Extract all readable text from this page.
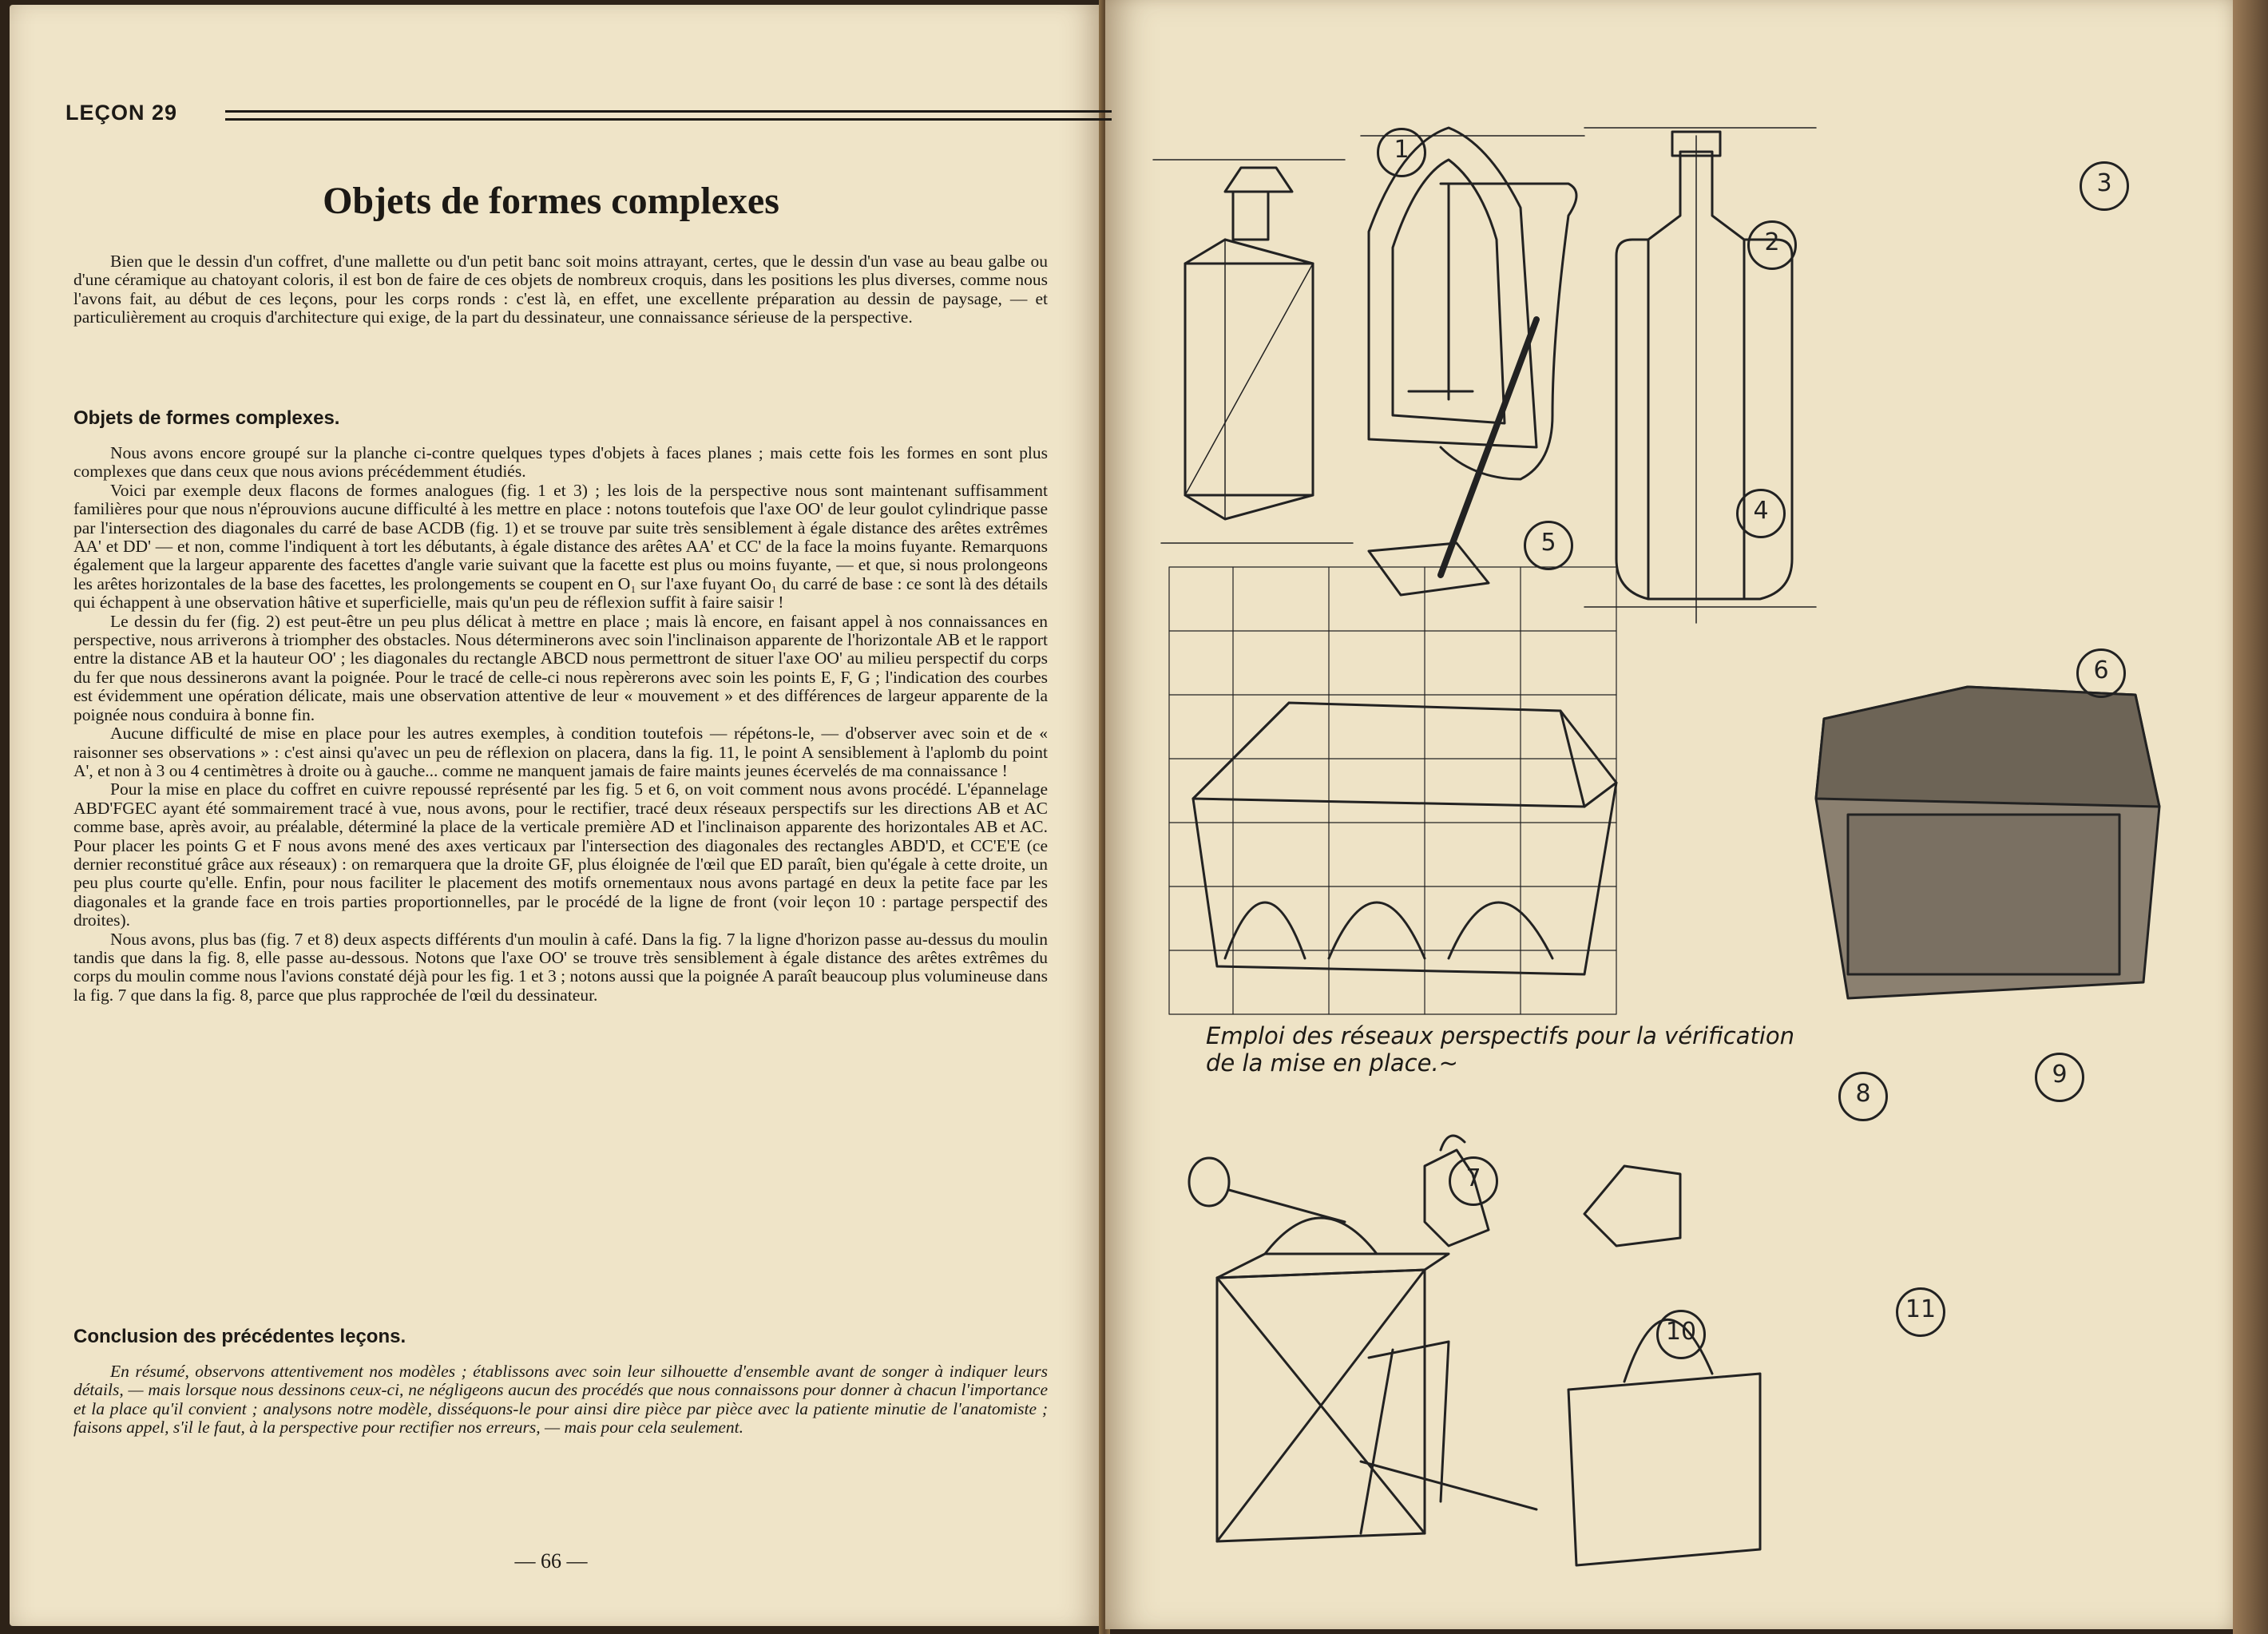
LEÇON 29
Objets de formes complexes

Bien que le dessin d'un coffret, d'une mallette ou d'un petit banc soit moins attrayant, certes, que le dessin d'un vase au beau galbe ou d'une céramique au chatoyant coloris, il est bon de faire de ces objets de nombreux croquis, dans les positions les plus diverses, comme nous l'avons fait, au début de ces leçons, pour les corps ronds : c'est là, en effet, une excellente préparation au dessin de paysage, — et particulièrement au croquis d'architecture qui exige, de la part du dessinateur, une connaissance sérieuse de la perspective.

Objets de formes complexes.

Nous avons encore groupé sur la planche ci-contre quelques types d'objets à faces planes ; mais cette fois les formes en sont plus complexes que dans ceux que nous avions précédemment étudiés.

Voici par exemple deux flacons de formes analogues (fig. 1 et 3) ; les lois de la perspective nous sont maintenant suffisamment familières pour que nous n'éprouvions aucune difficulté à les mettre en place : notons toutefois que l'axe OO' de leur goulot cylindrique passe par l'intersection des diagonales du carré de base ACDB (fig. 1) et se trouve par suite très sensiblement à égale distance des arêtes extrêmes AA' et DD' — et non, comme l'indiquent à tort les débutants, à égale distance des arêtes AA' et CC' de la face la moins fuyante. Remarquons également que la largeur apparente des facettes d'angle varie suivant que la facette est plus ou moins fuyante, — et que, si nous prolongeons les arêtes horizontales de la base des facettes, les prolongements se coupent en O₁ sur l'axe fuyant Oo₁ du carré de base : ce sont là des détails qui échappent à une observation hâtive et superficielle, mais qu'un peu de réflexion suffit à faire saisir !

Le dessin du fer (fig. 2) est peut-être un peu plus délicat à mettre en place ; mais là encore, en faisant appel à nos connaissances en perspective, nous arriverons à triompher des obstacles. Nous déterminerons avec soin l'inclinaison apparente de l'horizontale AB et le rapport entre la distance AB et la hauteur OO' ; les diagonales du rectangle ABCD nous permettront de situer l'axe OO' au milieu perspectif du corps du fer que nous dessinerons avant la poignée. Pour le tracé de celle-ci nous repèrerons avec soin les points E, F, G ; l'indication des courbes est évidemment une opération délicate, mais une observation attentive de leur « mouvement » et des différences de largeur apparente de la poignée nous conduira à bonne fin.

Aucune difficulté de mise en place pour les autres exemples, à condition toutefois — répétons-le, — d'observer avec soin et de « raisonner ses observations » : c'est ainsi qu'avec un peu de réflexion on placera, dans la fig. 11, le point A sensiblement à l'aplomb du point A', et non à 3 ou 4 centimètres à droite ou à gauche... comme ne manquent jamais de faire maints jeunes écervelés de ma connaissance !

Pour la mise en place du coffret en cuivre repoussé représenté par les fig. 5 et 6, on voit comment nous avons procédé. L'épannelage ABD'FGEC ayant été sommairement tracé à vue, nous avons, pour le rectifier, tracé deux réseaux perspectifs sur les directions AB et AC comme base, après avoir, au préalable, déterminé la place de la verticale première AD et l'inclinaison apparente des horizontales AB et AC. Pour placer les points G et F nous avons mené des axes verticaux par l'intersection des diagonales des rectangles ABD'D, et CC'E'E (ce dernier reconstitué grâce aux réseaux) : on remarquera que la droite GF, plus éloignée de l'œil que ED paraît, bien qu'égale à cette droite, un peu plus courte qu'elle. Enfin, pour nous faciliter le placement des motifs ornementaux nous avons partagé en deux la petite face par les diagonales et la grande face en trois parties proportionnelles, par le procédé de la ligne de front (voir leçon 10 : partage perspectif des droites).

Nous avons, plus bas (fig. 7 et 8) deux aspects différents d'un moulin à café. Dans la fig. 7 la ligne d'horizon passe au-dessus du moulin tandis que dans la fig. 8, elle passe au-dessous. Notons que l'axe OO' se trouve très sensiblement à égale distance des arêtes extrêmes du corps du moulin comme nous l'avions constaté déjà pour les fig. 1 et 3 ; notons aussi que la poignée A paraît beaucoup plus volumineuse dans la fig. 7 que dans la fig. 8, parce que plus rapprochée de l'œil du dessinateur.

Conclusion des précédentes leçons.

En résumé, observons attentivement nos modèles ; établissons avec soin leur silhouette d'ensemble avant de songer à indiquer leurs détails, — mais lorsque nous dessinons ceux-ci, ne négligeons aucun des procédés que nous connaissons pour donner à chacun l'importance et la place qu'il convient ; analysons notre modèle, disséquons-le pour ainsi dire pièce par pièce avec la patiente minutie de l'anatomiste ; faisons appel, s'il le faut, à la perspective pour rectifier nos erreurs, — mais pour cela seulement.

— 66 —
1
2
3
4
5
6
7
8
9
10
11
Emploi des réseaux perspectifs pour la vérification
de la mise en place.~
